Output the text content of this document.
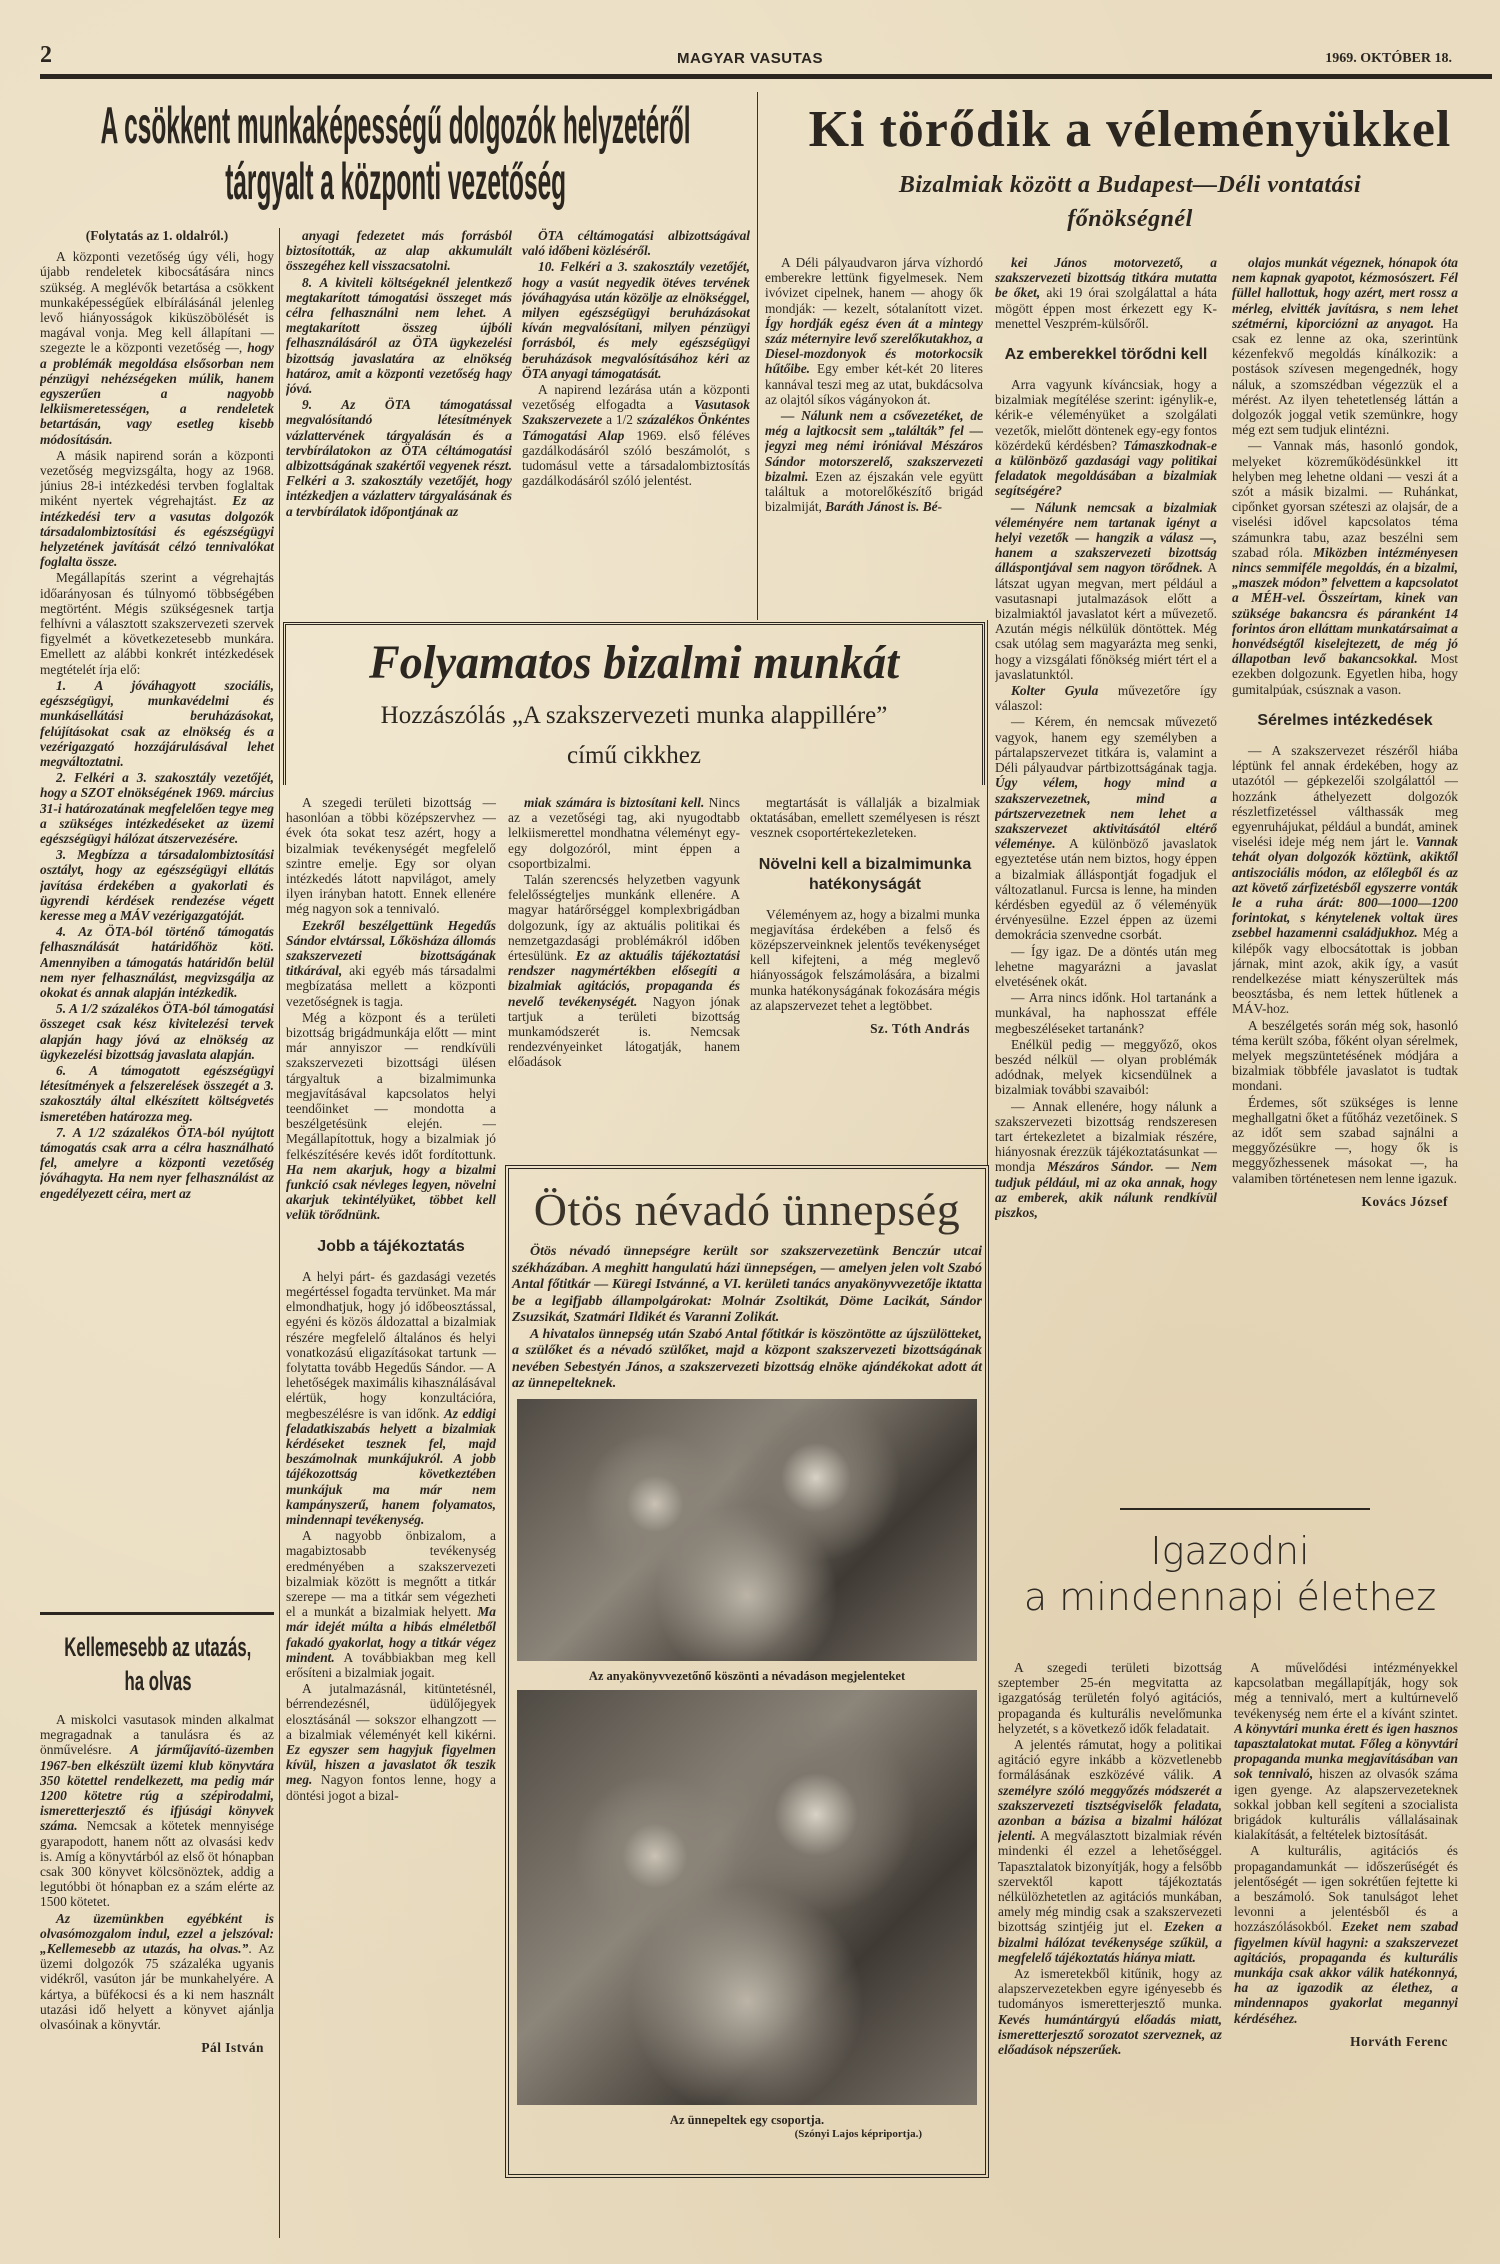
2	MAGYAR VASUTAS	1969. OKTÓBER 18.
A csökkent munkaképességű dolgozók helyzetéről
tárgyalt a központi vezetőség
(Folytatás az 1. oldalról.)

A központi vezetőség úgy véli, hogy újabb rendeletek kibocsátására nincs szükség. A meglévők betartása a csökkent munkaképességűek elbírálásánál jelenleg levő hiányosságok kiküszöbölését is magával vonja. Meg kell állapítani — szegezte le a központi vezetőség —, hogy a problémák megoldása elsősorban nem pénzügyi nehézségeken múlik, hanem egyszerűen a nagyobb lelkiismeretességen, a rendeletek betartásán, vagy esetleg kisebb módosításán.

A másik napirend során a központi vezetőség megvizsgálta, hogy az 1968. június 28-i intézkedési tervben foglaltak miként nyertek végrehajtást. Ez az intézkedési terv a vasutas dolgozók társadalombiztosítási és egészségügyi helyzetének javítását célzó tennivalókat foglalta össze.

Megállapítás szerint a végrehajtás időarányosan és túlnyomó többségében megtörtént. Mégis szükségesnek tartja felhívni a választott szakszervezeti szervek figyelmét a következetesebb munkára. Emellett az alábbi konkrét intézkedések megtételét írja elő:

1. A jóváhagyott szociális, egészségügyi, munkavédelmi és munkásellátási beruházásokat, felújításokat csak az elnökség és a vezérigazgató hozzájárulásával lehet megváltoztatni.

2. Felkéri a 3. szakosztály vezetőjét, hogy a SZOT elnökségének 1969. március 31-i határozatának megfelelően tegye meg a szükséges intézkedéseket az üzemi egészségügyi hálózat átszervezésére.

3. Megbízza a társadalombiztosítási osztályt, hogy az egészségügyi ellátás javítása érdekében a gyakorlati és ügyrendi kérdések rendezése végett keresse meg a MÁV vezérigazgatóját.

4. Az ÖTA-ból történő támogatás felhasználását határidőhöz köti. Amennyiben a támogatás határidőn belül nem nyer felhasználást, megvizsgálja az okokat és annak alapján intézkedik.

5. A 1/2 százalékos ÖTA-ból támogatási összeget csak kész kivitelezési tervek alapján hagy jóvá az elnökség az ügykezelési bizottság javaslata alapján.

6. A támogatott egészségügyi létesítmények a felszerelések összegét a 3. szakosztály által elkészített költségvetés ismeretében határozza meg.

7. A 1/2 százalékos ÖTA-ból nyújtott támogatás csak arra a célra használható fel, amelyre a központi vezetőség jóváhagyta. Ha nem nyer felhasználást az engedélyezett céira, mert az

anyagi fedezetet más forrásból biztosították, az alap akkumulált összegéhez kell visszacsatolni.

8. A kiviteli költségeknél jelentkező megtakarított támogatási összeget más célra felhasználni nem lehet. A megtakarított összeg újbóli felhasználásáról az ÖTA ügykezelési bizottság javaslatára az elnökség határoz, amit a központi vezetőség hagy jóvá.

9. Az ÖTA támogatással megvalósítandó létesítmények vázlattervének tárgyalásán és a tervbírálatokon az ÖTA céltámogatási albizottságának szakértői vegyenek részt. Felkéri a 3. szakosztály vezetőjét, hogy intézkedjen a vázlatterv tárgyalásának és a tervbírálatok időpontjának az

ÖTA céltámogatási albizottságával való időbeni közléséről.

10. Felkéri a 3. szakosztály vezetőjét, hogy a vasút negyedik ötéves tervének jóváhagyása után közölje az elnökséggel, milyen egészségügyi beruházásokat kíván megvalósítani, milyen pénzügyi forrásból, és mely egészségügyi beruházások megvalósításához kéri az ÖTA anyagi támogatását.

A napirend lezárása után a központi vezetőség elfogadta a Vasutasok Szakszervezete a 1/2 százalékos Önkéntes Támogatási Alap 1969. első féléves gazdálkodásáról szóló beszámolót, s tudomásul vette a társadalombiztosítás gazdálkodásáról szóló jelentést.

Ki törődik a véleményükkel
Bizalmiak között a Budapest—Déli vontatási
főnökségnél

A Déli pályaudvaron járva vízhordó emberekre lettünk figyelmesek. Nem ivóvizet cipelnek, hanem — ahogy ők mondják: — kezelt, sótalanított vizet. Így hordják egész éven át a mintegy száz méternyire levő szerelőkutakhoz, a Diesel-mozdonyok és motorkocsik hűtőibe. Egy ember két-két 20 literes kannával teszi meg az utat, bukdácsolva az olajtól síkos vágányokon át.

— Nálunk nem a csővezetéket, de még a lajtkocsit sem „találták” fel — jegyzi meg némi iróniával Mészáros Sándor motorszerelő, szakszervezeti bizalmi. Ezen az éjszakán vele együtt találtuk a motorelőkészítő brigád bizalmiját, Baráth Jánost is. Bé-

kei János motorvezető, a szakszervezeti bizottság titkára mutatta be őket, aki 19 órai szolgálattal a háta mögött éppen most érkezett egy K-menettel Veszprém-külsőről.

Az emberekkel törődni kell

Arra vagyunk kíváncsiak, hogy a bizalmiak megítélése szerint: igénylik-e, kérik-e véleményüket a szolgálati vezetők, mielőtt döntenek egy-egy fontos közérdekű kérdésben? Támaszkodnak-e a különböző gazdasági vagy politikai feladatok megoldásában a bizalmiak segítségére?

— Nálunk nemcsak a bizalmiak véleményére nem tartanak igényt a helyi vezetők — hangzik a válasz —, hanem a szakszervezeti bizottság álláspontjával sem nagyon törődnek. A látszat ugyan megvan, mert például a vasutasnapi jutalmazások előtt a bizalmiaktól javaslatot kért a művezető. Azután mégis nélkülük döntöttek. Még csak utólag sem magyarázta meg senki, hogy a vizsgálati főnökség miért tért el a javaslatunktól.

Kolter Gyula művezetőre így válaszol:

— Kérem, én nemcsak művezető vagyok, hanem egy személyben a pártalapszervezet titkára is, valamint a Déli pályaudvar pártbizottságának tagja. Úgy vélem, hogy mind a szakszervezetnek, mind a pártszervezetnek nem lehet a szakszervezet aktivitásától eltérő véleménye. A különböző javaslatok egyeztetése után nem biztos, hogy éppen a bizalmiak álláspontját fogadjuk el változatlanul. Furcsa is lenne, ha minden kérdésben egyedül az ő véleményük érvényesülne. Ezzel éppen az üzemi demokrácia szenvedne csorbát.

— Így igaz. De a döntés után meg lehetne magyarázni a javaslat elvetésének okát.

— Arra nincs időnk. Hol tartanánk a munkával, ha naphosszat efféle megbeszéléseket tartanánk?

Enélkül pedig — meggyőző, okos beszéd nélkül — olyan problémák adódnak, melyek kicsendülnek a bizalmiak további szavaiból:

— Annak ellenére, hogy nálunk a szakszervezeti bizottság rendszeresen tart értekezletet a bizalmiak részére, hiányosnak érezzük tájékoztatásunkat — mondja Mészáros Sándor. — Nem tudjuk például, mi az oka annak, hogy az emberek, akik nálunk rendkívül piszkos,

olajos munkát végeznek, hónapok óta nem kapnak gyapotot, kézmosószert. Fél füllel hallottuk, hogy azért, mert rossz a mérleg, elvitték javításra, s nem lehet szétmérni, kiporciózni az anyagot. Ha csak ez lenne az oka, szerintünk kézenfekvő megoldás kínálkozik: a postások szívesen megengednék, hogy náluk, a szomszédban végezzük el a mérést. Az ilyen tehetetlenség láttán a dolgozók joggal vetik szemünkre, hogy még ezt sem tudjuk elintézni.

— Vannak más, hasonló gondok, melyeket közreműködésünkkel itt helyben meg lehetne oldani — veszi át a szót a másik bizalmi. — Ruhánkat, cipőnket gyorsan széteszi az olajsár, de a viselési idővel kapcsolatos téma számunkra tabu, azaz beszélni sem szabad róla. Miközben intézményesen nincs semmiféle megoldás, én a bizalmi, „maszek módon” felvettem a kapcsolatot a MÉH-vel. Összeírtam, kinek van szüksége bakancsra és páranként 14 forintos áron elláttam munkatársaimat a honvédségtől kiselejtezett, de még jó állapotban levő bakancsokkal. Most ezekben dolgozunk. Egyetlen hiba, hogy gumitalpúak, csúsznak a vason.

Sérelmes intézkedések

— A szakszervezet részéről hiába léptünk fel annak érdekében, hogy az utazótól — gépkezelői szolgálattól — hozzánk áthelyezett dolgozók részletfizetéssel válthassák meg egyenruhájukat, például a bundát, aminek viselési ideje még nem járt le. Vannak tehát olyan dolgozók köztünk, akiktől antiszociális módon, az előlegből és az azt követő zárfizetésből egyszerre vonták le a ruha árát: 800—1000—1200 forintokat, s kénytelenek voltak üres zsebbel hazamenni családjukhoz. Még a kilépők vagy elbocsátottak is jobban járnak, mint azok, akik így, a vasút rendelkezése miatt kényszerültek más beosztásba, és nem lettek hűtlenek a MÁV-hoz.

A beszélgetés során még sok, hasonló téma került szóba, főként olyan sérelmek, melyek megszüntetésének módjára a bizalmiak többféle javaslatot is tudtak mondani.

Érdemes, sőt szükséges is lenne meghallgatni őket a fűtőház vezetőinek. S az időt sem szabad sajnálni a meggyőzésükre —, hogy ők is meggyőzhessenek másokat —, ha valamiben történetesen nem lenne igazuk.

Kovács József
Folyamatos bizalmi munkát
Hozzászólás „A szakszervezeti munka alappillére”
című cikkhez

A szegedi területi bizottság — hasonlóan a többi középszervhez — évek óta sokat tesz azért, hogy a bizalmiak tevékenységét megfelelő szintre emelje. Egy sor olyan intézkedés látott napvilágot, amely ilyen irányban hatott. Ennek ellenére még nagyon sok a tennivaló.

Ezekről beszélgettünk Hegedűs Sándor elvtárssal, Lőkösháza állomás szakszervezeti bizottságának titkárával, aki egyéb más társadalmi megbízatása mellett a központi vezetőségnek is tagja.

Még a központ és a területi bizottság brigádmunkája előtt — mint már annyiszor — rendkívüli szakszervezeti bizottsági ülésen tárgyaltuk a bizalmimunka megjavításával kapcsolatos helyi teendőinket — mondotta a beszélgetésünk elején. — Megállapítottuk, hogy a bizalmiak jó felkészítésére kevés időt fordítottunk. Ha nem akarjuk, hogy a bizalmi funkció csak névleges legyen, növelni akarjuk tekintélyüket, többet kell velük törődnünk.

Jobb a tájékoztatás

A helyi párt- és gazdasági vezetés megértéssel fogadta tervünket. Ma már elmondhatjuk, hogy jó időbeosztással, egyéni és közös áldozattal a bizalmiak részére megfelelő általános és helyi vonatkozású eligazításokat tartunk — folytatta tovább Hegedűs Sándor. — A lehetőségek maximális kihasználásával elértük, hogy konzultációra, megbeszélésre is van időnk. Az eddigi feladatkiszabás helyett a bizalmiak kérdéseket tesznek fel, majd beszámolnak munkájukról. A jobb tájékozottság következtében munkájuk ma már nem kampányszerű, hanem folyamatos, mindennapi tevékenység.

A nagyobb önbizalom, a magabiztosabb tevékenység eredményében a szakszervezeti bizalmiak között is megnőtt a titkár szerepe — ma a titkár sem végezheti el a munkát a bizalmiak helyett. Ma már idejét múlta a hibás elméletből fakadó gyakorlat, hogy a titkár végez mindent. A továbbiakban meg kell erősíteni a bizalmiak jogait.

A jutalmazásnál, kitüntetésnél, bérrendezésnél, üdülőjegyek elosztásánál — sokszor elhangzott — a bizalmiak véleményét kell kikérni. Ez egyszer sem hagyjuk figyelmen kívül, hiszen a javaslatot ők teszik meg. Nagyon fontos lenne, hogy a döntési jogot a bizal-

miak számára is biztosítani kell. Nincs az a vezetőségi tag, aki nyugodtabb lelkiismerettel mondhatna véleményt egy-egy dolgozóról, mint éppen a csoportbizalmi.

Talán szerencsés helyzetben vagyunk felelősségteljes munkánk ellenére. A magyar határőrséggel komplexbrigádban dolgozunk, így az aktuális politikai és nemzetgazdasági problémákról időben értesülünk. Ez az aktuális tájékoztatási rendszer nagymértékben elősegíti a bizalmiak agitációs, propaganda és nevelő tevékenységét. Nagyon jónak tartjuk a területi bizottság munkamódszerét is. Nemcsak rendezvényeinket látogatják, hanem előadások

megtartását is vállalják a bizalmiak oktatásában, emellett személyesen is részt vesznek csoportértekezleteken.

Növelni kell a bizalmimunka hatékonyságát

Véleményem az, hogy a bizalmi munka megjavítása érdekében a felső és középszerveinknek jelentős tevékenységet kell kifejteni, a még meglevő hiányosságok felszámolására, a bizalmi munka hatékonyságának fokozására mégis az alapszervezet tehet a legtöbbet.

Sz. Tóth András
Ötös névadó ünnepség

Ötös névadó ünnepségre került sor szakszervezetünk Benczúr utcai székházában. A meghitt hangulatú házi ünnepségen, — amelyen jelen volt Szabó Antal főtitkár — Küregi Istvánné, a VI. kerületi tanács anyakönyvvezetője iktatta be a legifjabb állampolgárokat: Molnár Zsoltikát, Döme Lacikát, Sándor Zsuzsikát, Szatmári Ildikét és Varanni Zolikát.

A hivatalos ünnepség után Szabó Antal főtitkár is köszöntötte az újszülötteket, a szülőket és a névadó szülőket, majd a központ szakszervezeti bizottságának nevében Sebestyén János, a szakszervezeti bizottság elnöke ajándékokat adott át az ünnepelteknek.

Az anyakönyvvezetőnő köszönti a névadáson megjelenteket
Az ünnepeltek egy csoportja.
(Szónyi Lajos képriportja.)
Kellemesebb az utazás,
ha olvas

A miskolci vasutasok minden alkalmat megragadnak a tanulásra és az önművelésre. A járműjavító-üzemben 1967-ben elkészült üzemi klub könyvtára 350 kötettel rendelkezett, ma pedig már 1200 kötetre rúg a szépirodalmi, ismeretterjesztő és ifjúsági könyvek száma. Nemcsak a kötetek mennyisége gyarapodott, hanem nőtt az olvasási kedv is. Amíg a könyvtárból az első öt hónapban csak 300 könyvet kölcsönöztek, addig a legutóbbi öt hónapban ez a szám elérte az 1500 kötetet.

Az üzemünkben egyébként is olvasómozgalom indul, ezzel a jelszóval: „Kellemesebb az utazás, ha olvas.”. Az üzemi dolgozók 75 százaléka ugyanis vidékről, vasúton jár be munkahelyére. A kártya, a büfékocsi és a ki nem használt utazási idő helyett a könyvet ajánlja olvasóinak a könyvtár.

Pál István
Igazodni
a mindennapi élethez

A szegedi területi bizottság szeptember 25-én megvitatta az igazgatóság területén folyó agitációs, propaganda és kulturális nevelőmunka helyzetét, s a következő idők feladatait.

A jelentés rámutat, hogy a politikai agitáció egyre inkább a közvetlenebb formálásának eszközévé válik. A személyre szóló meggyőzés módszerét a szakszervezeti tisztségviselők feladata, azonban a bázisa a bizalmi hálózat jelenti. A megválasztott bizalmiak révén mindenki él ezzel a lehetőséggel. Tapasztalatok bizonyítják, hogy a felsőbb szervektől kapott tájékoztatás nélkülözhetetlen az agitációs munkában, amely még mindig csak a szakszervezeti bizottság szintjéig jut el. Ezeken a bizalmi hálózat tevékenysége szűkül, a megfelelő tájékoztatás hiánya miatt.

Az ismeretekből kitűnik, hogy az alapszervezetekben egyre igényesebb és tudományos ismeretterjesztő munka. Kevés humántárgyú előadás miatt, ismeretterjesztő sorozatot szerveznek, az előadások népszerűek.

A művelődési intézményekkel kapcsolatban megállapítják, hogy sok még a tennivaló, mert a kultúrnevelő tevékenység nem érte el a kívánt szintet. A könyvtári munka érett és igen hasznos tapasztalatokat mutat. Főleg a könyvtári propaganda munka megjavításában van sok tennivaló, hiszen az olvasók száma igen gyenge. Az alapszervezeteknek sokkal jobban kell segíteni a szocialista brigádok kulturális vállalásainak kialakítását, a feltételek biztosítását.

A kulturális, agitációs és propagandamunkát — időszerűségét és jelentőségét — igen sokrétűen fejtette ki a beszámoló. Sok tanulságot lehet levonni a jelentésből és a hozzászólásokból. Ezeket nem szabad figyelmen kívül hagyni: a szakszervezet agitációs, propaganda és kulturális munkája csak akkor válik hatékonnyá, ha az igazodik az élethez, a mindennapos gyakorlat megannyi kérdéséhez.

Horváth Ferenc
